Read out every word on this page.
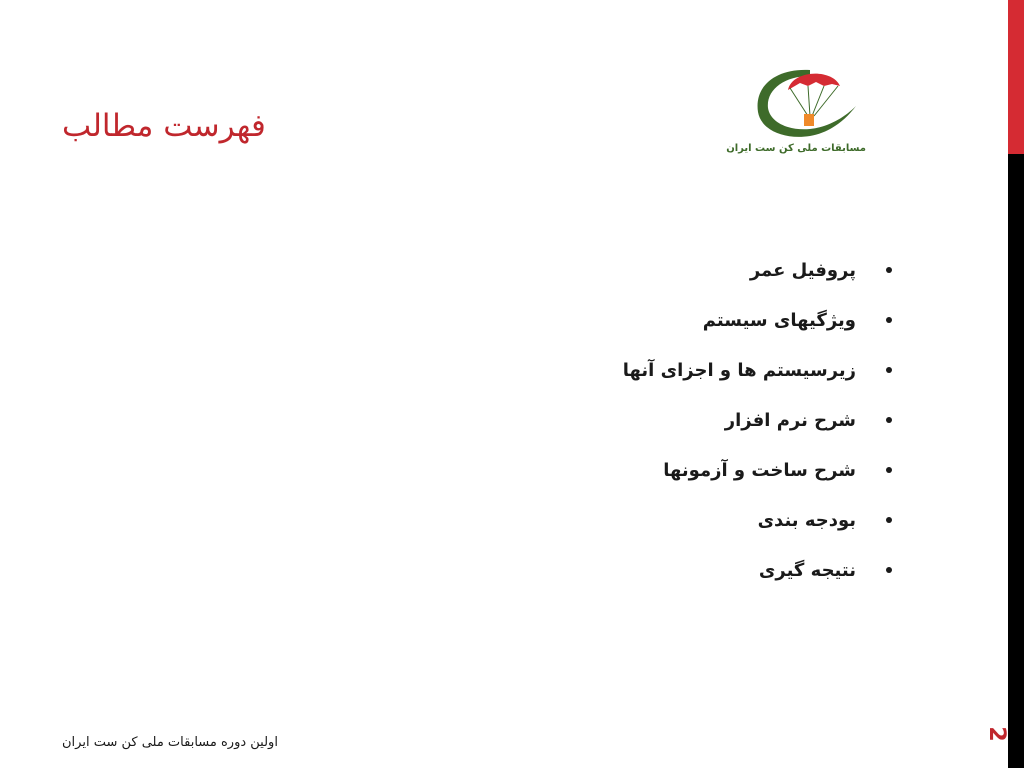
فهرست مطالب
مسابقات ملی کن ست ایران
پروفیل عمر
ویژگیهای سیستم
زیرسیستم ها و اجزای آنها
شرح نرم افزار
شرح ساخت و آزمونها
بودجه بندی
نتیجه گیری
اولین دوره مسابقات ملی کن ست ایران
2
